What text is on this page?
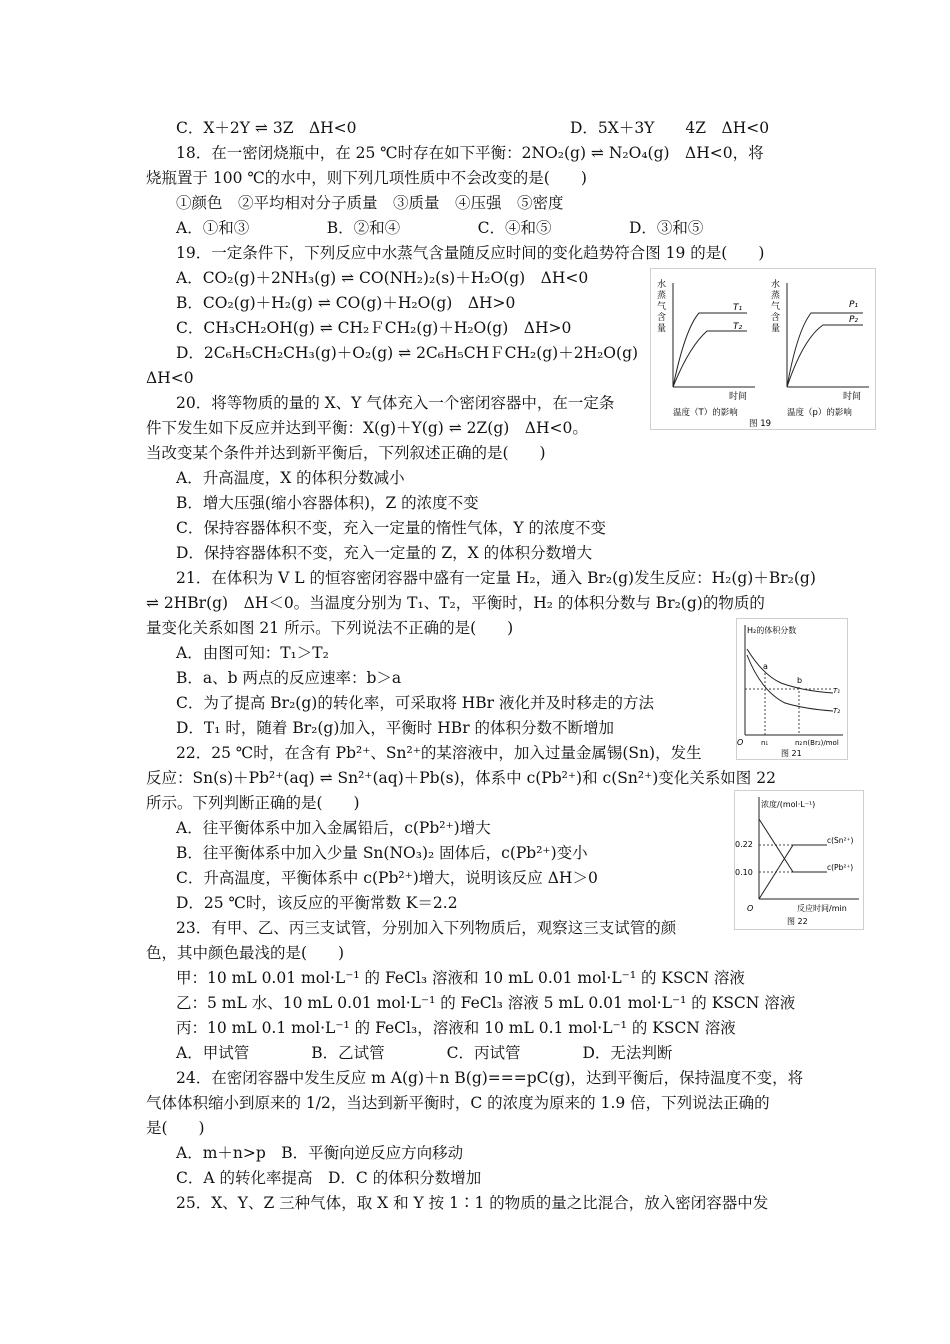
C．X＋2Y ⇌ 3Z　ΔH<0	D．5X＋3Y　　4Z　ΔH<0
18．在一密闭烧瓶中，在 25 ℃时存在如下平衡：2NO₂(g) ⇌ N₂O₄(g)　ΔH<0，将
烧瓶置于 100 ℃的水中，则下列几项性质中不会改变的是(　　)
①颜色　②平均相对分子质量　③质量　④压强　⑤密度
A．①和③　　　　　B．②和④　　　　　C．④和⑤　　　　　D．③和⑤
19．一定条件下，下列反应中水蒸气含量随反应时间的变化趋势符合图 19 的是(　　)
A．CO₂(g)＋2NH₃(g) ⇌ CO(NH₂)₂(s)＋H₂O(g)　ΔH<0
B．CO₂(g)＋H₂(g) ⇌ CO(g)＋H₂O(g)　ΔH>0
C．CH₃CH₂OH(g) ⇌ CH₂ＦCH₂(g)＋H₂O(g)　ΔH>0
D．2C₆H₅CH₂CH₃(g)＋O₂(g) ⇌ 2C₆H₅CHＦCH₂(g)＋2H₂O(g)
ΔH<0
20．将等物质的量的 X、Y 气体充入一个密闭容器中，在一定条
件下发生如下反应并达到平衡：X(g)＋Y(g) ⇌ 2Z(g)　ΔH<0。
当改变某个条件并达到新平衡后，下列叙述正确的是(　　)
A．升高温度，X 的体积分数减小
B．增大压强(缩小容器体积)，Z 的浓度不变
C．保持容器体积不变，充入一定量的惰性气体，Y 的浓度不变
D．保持容器体积不变，充入一定量的 Z，X 的体积分数增大
21．在体积为 V L 的恒容密闭容器中盛有一定量 H₂，通入 Br₂(g)发生反应：H₂(g)＋Br₂(g)
⇌ 2HBr(g)　ΔH＜0。当温度分别为 T₁、T₂，平衡时，H₂ 的体积分数与 Br₂(g)的物质的
量变化关系如图 21 所示。下列说法不正确的是(　　)
A．由图可知：T₁＞T₂
B．a、b 两点的反应速率：b＞a
C．为了提高 Br₂(g)的转化率，可采取将 HBr 液化并及时移走的方法
D．T₁ 时，随着 Br₂(g)加入，平衡时 HBr 的体积分数不断增加
22．25 ℃时，在含有 Pb²⁺、Sn²⁺的某溶液中，加入过量金属锡(Sn)，发生
反应：Sn(s)＋Pb²⁺(aq) ⇌ Sn²⁺(aq)＋Pb(s)，体系中 c(Pb²⁺)和 c(Sn²⁺)变化关系如图 22
所示。下列判断正确的是(　　)
A．往平衡体系中加入金属铅后，c(Pb²⁺)增大
B．往平衡体系中加入少量 Sn(NO₃)₂ 固体后，c(Pb²⁺)变小
C．升高温度，平衡体系中 c(Pb²⁺)增大，说明该反应 ΔH＞0
D．25 ℃时，该反应的平衡常数 K＝2.2
23．有甲、乙、丙三支试管，分别加入下列物质后，观察这三支试管的颜
色，其中颜色最浅的是(　　)
甲：10 mL 0.01 mol·L⁻¹ 的 FeCl₃ 溶液和 10 mL 0.01 mol·L⁻¹ 的 KSCN 溶液
乙：5 mL 水、10 mL 0.01 mol·L⁻¹ 的 FeCl₃ 溶液 5 mL 0.01 mol·L⁻¹ 的 KSCN 溶液
丙：10 mL 0.1 mol·L⁻¹ 的 FeCl₃，溶液和 10 mL 0.1 mol·L⁻¹ 的 KSCN 溶液
A．甲试管　　　　B．乙试管　　　　C．丙试管　　　　D．无法判断
24．在密闭容器中发生反应 m A(g)＋n B(g)===pC(g)，达到平衡后，保持温度不变，将
气体体积缩小到原来的 1/2，当达到新平衡时，C 的浓度为原来的 1.9 倍，下列说法正确的
是(　　)
A．m＋n>p　B．平衡向逆反应方向移动
C．A 的转化率提高　D．C 的体积分数增加
25．X、Y、Z 三种气体，取 X 和 Y 按 1∶1 的物质的量之比混合，放入密闭容器中发
水
蒸
气
含
量
T₁
T₂
时间
温度（T）的影响
水
蒸
气
含
量
P₁
P₂
时间
温度（p）的影响
图 19
H₂的体积分数
a
b
T₁
T₂
O	n₁	n₂ n(Br₂)/mol
图 21
浓度/(mol·L⁻¹)
0.22
0.10
c(Sn²⁺)
c(Pb²⁺)
O	反应时间/min
图 22
